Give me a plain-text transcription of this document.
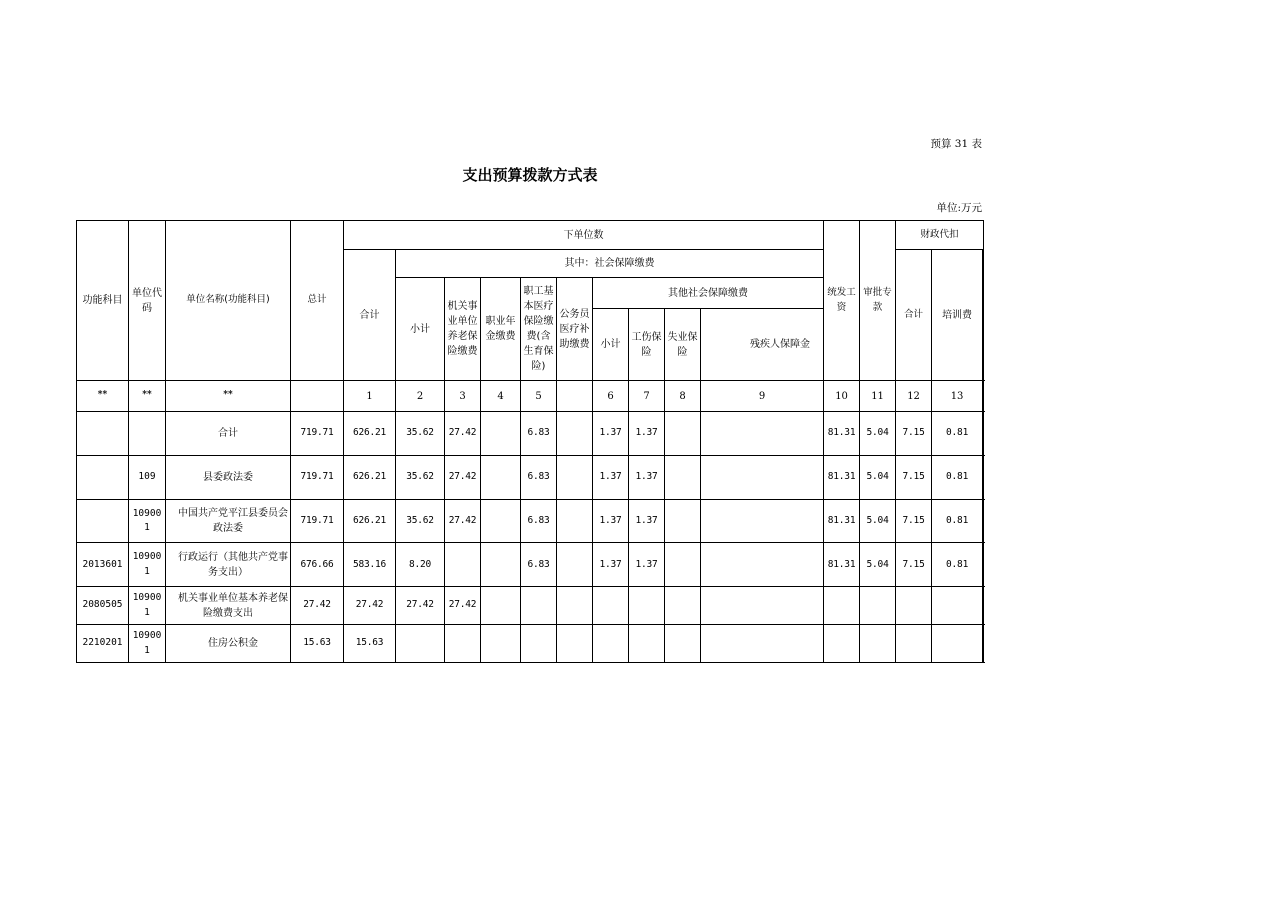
预算 31 表
支出预算拨款方式表
单位:万元
功能科目	单位代码	单位名称(功能科目)	总计	下单位数										统发工资	审批专款	财政代扣		
				合计	其中：社会保障缴费											合计	培训费		
					小计	机关事业单位养老保险缴费	职业年金缴费	职工基本医疗保险缴费(含生育保险)	公务员医疗补助缴费	其他社会保障缴费								
										小计	工伤保险	失业保险	残疾人保障金					

**	**	**		1	2	3	4	5		6	7	8	9	10	11	12	13		
		合计	719.71	626.21	35.62	27.42		6.83		1.37	1.37			81.31	5.04	7.15	0.81		
	109	县委政法委	719.71	626.21	35.62	27.42		6.83		1.37	1.37			81.31	5.04	7.15	0.81		
	109001	中国共产党平江县委员会政法委	719.71	626.21	35.62	27.42		6.83		1.37	1.37			81.31	5.04	7.15	0.81		
2013601	109001	行政运行（其他共产党事务支出）	676.66	583.16	8.20			6.83		1.37	1.37			81.31	5.04	7.15	0.81		
2080505	109001	机关事业单位基本养老保险缴费支出	27.42	27.42	27.42	27.42													
2210201	109001	住房公积金	15.63	15.63															
